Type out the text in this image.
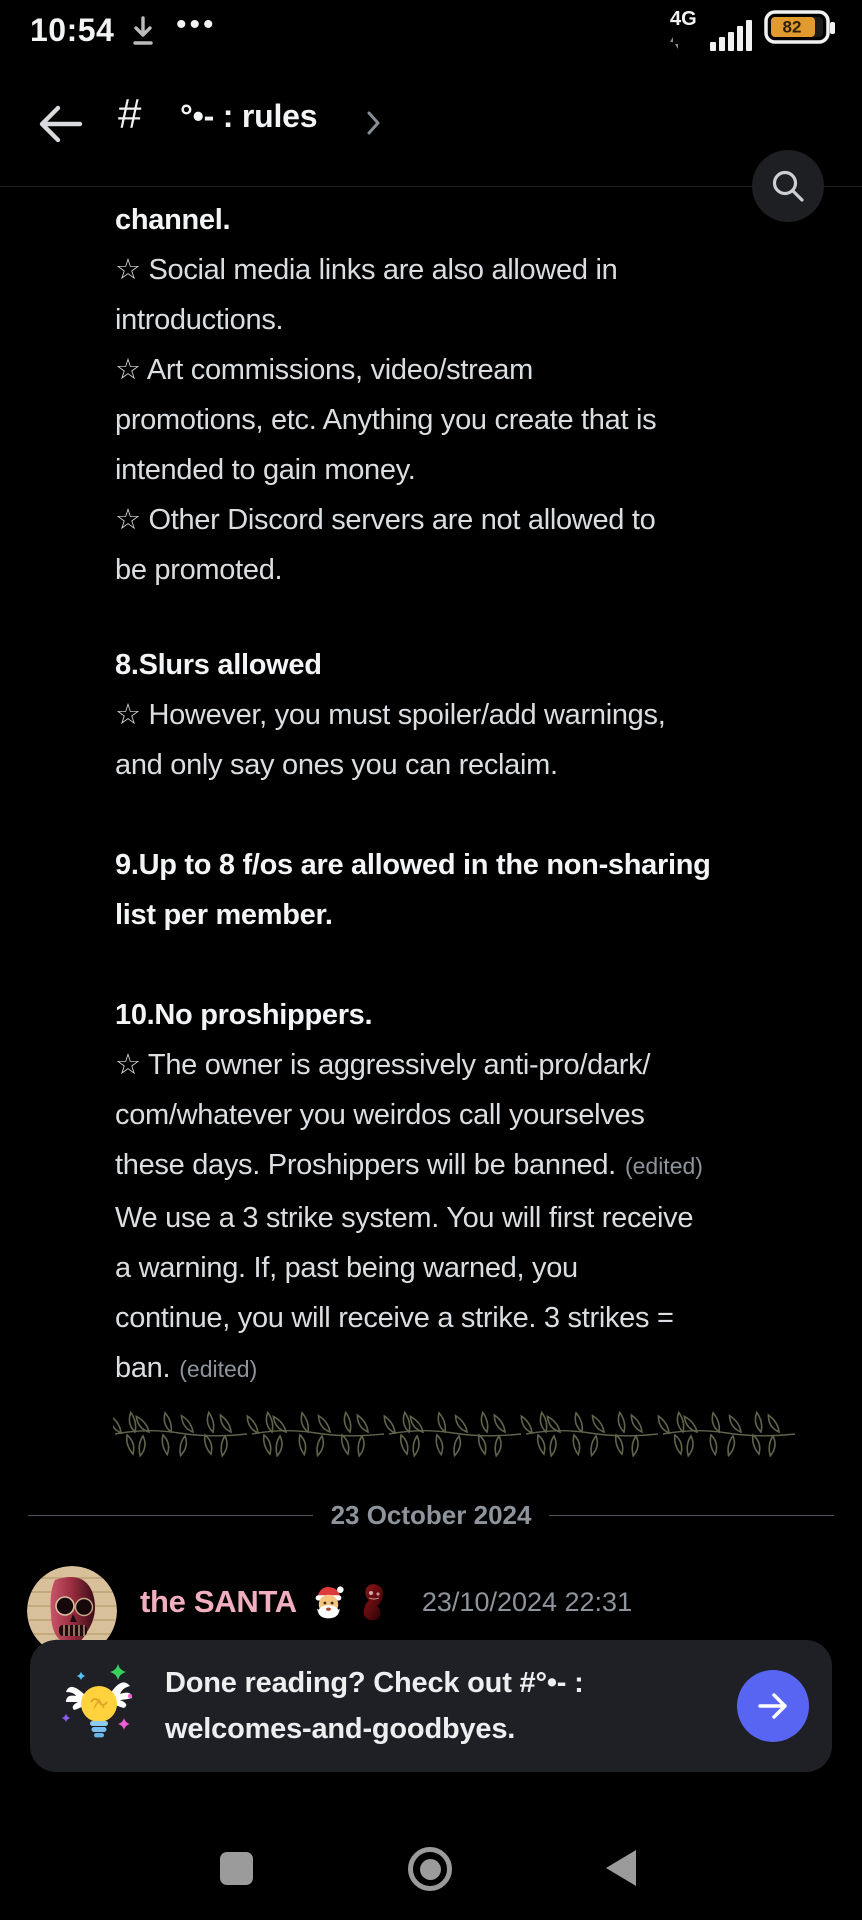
10:54 •••	4G	82
# °•- : rules
channel.
☆ Social media links are also allowed in
introductions.
☆ Art commissions, video/stream
promotions, etc. Anything you create that is
intended to gain money.
☆ Other Discord servers are not allowed to
be promoted.
8.Slurs allowed
☆ However, you must spoiler/add warnings,
and only say ones you can reclaim.
9.Up to 8 f/os are allowed in the non-sharing
list per member.
10.No proshippers.
☆ The owner is aggressively anti-pro/dark/
com/whatever you weirdos call yourselves
these days. Proshippers will be banned. (edited)
We use a 3 strike system. You will first receive
a warning. If, past being warned, you
continue, you will receive a strike. 3 strikes =
ban. (edited)
23 October 2024
the SANTA	23/10/2024 22:31
Done reading? Check out #°•- :
welcomes-and-goodbyes.
